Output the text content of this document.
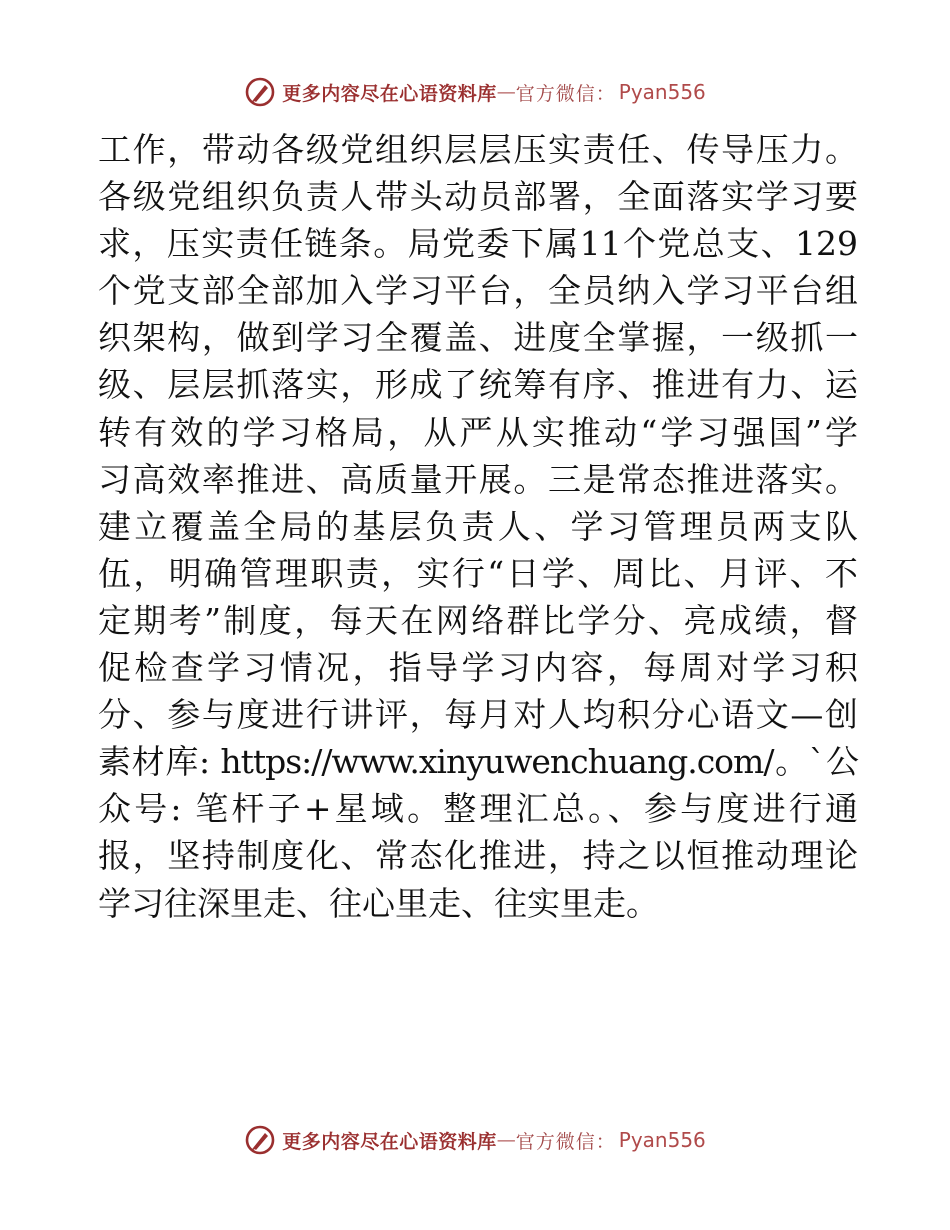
更多内容尽在心语资料库 — 官方微信 ： Pyan556
工作，带动各级党组织层层压实责任、传导压力。
各级党组织负责人带头动员部署，全面落实学习要
求，压实责任链条。局党委下属11个党总支、129
个党支部全部加入学习平台，全员纳入学习平台组
织架构，做到学习全覆盖、进度全掌握，一级抓一
级、层层抓落实，形成了统筹有序、推进有力、运
转有效的学习格局，从严从实推动“学习强国”学
习高效率推进、高质量开展。三是常态推进落实。
建立覆盖全局的基层负责人、学习管理员两支队
伍，明确管理职责，实行“日学、周比、月评、不
定期考”制度，每天在网络群比学分、亮成绩，督
促检查学习情况，指导学习内容，每周对学习积
分、参与度进行讲评，每月对人均积分心语文—创
素材库: https://www.xinyuwenchuang.com/。`公
众号: 笔杆子+星域。整理汇总。、参与度进行通
报，坚持制度化、常态化推进，持之以恒推动理论
学习往深里走、往心里走、往实里走。
更多内容尽在心语资料库 — 官方微信 ： Pyan556
